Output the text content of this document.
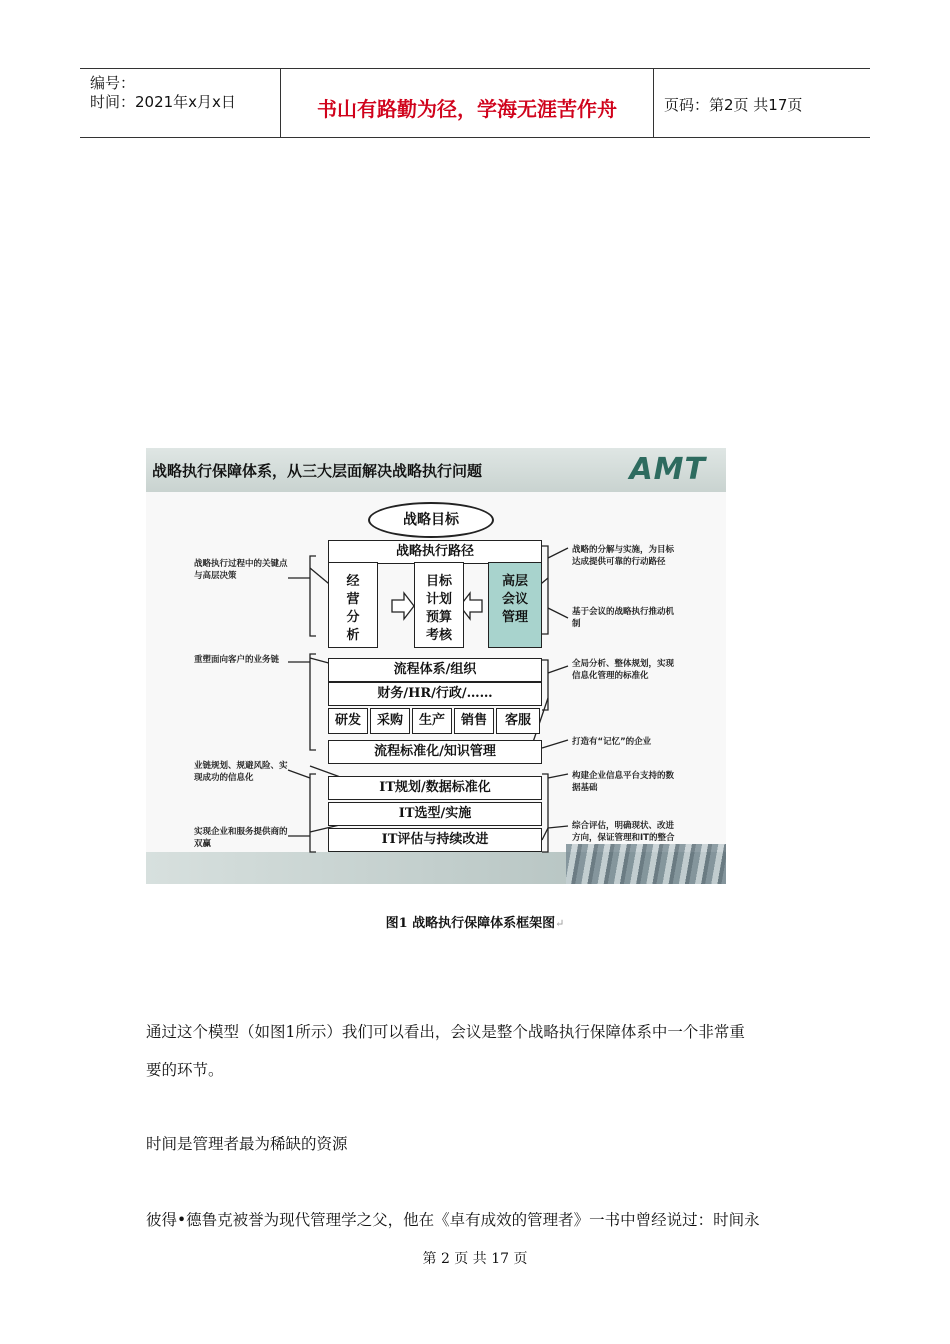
编号：
时间：2021年x月x日	书山有路勤为径，学海无涯苦作舟	页码：第2页 共17页
战略执行保障体系，从三大层面解决战略执行问题	AMT
战略目标
战略执行路径
经营分析
目标计划预算考核
高层会议管理
流程体系/组织
财务/HR/行政/……
研发	采购	生产	销售	客服
流程标准化/知识管理
IT规划/数据标准化
IT选型/实施
IT评估与持续改进
战略执行过程中的关键点与高层决策
重塑面向客户的业务链
业链规划、规避风险、实现成功的信息化
实现企业和服务提供商的双赢
战略的分解与实施，为目标达成提供可靠的行动路径
基于会议的战略执行推动机制
全局分析、整体规划，实现信息化管理的标准化
打造有“记忆”的企业
构建企业信息平台支持的数据基础
综合评估，明确现状、改进方向，保证管理和IT的整合
图1 战略执行保障体系框架图↵
通过这个模型（如图1所示）我们可以看出，会议是整个战略执行保障体系中一个非常重
要的环节。
时间是管理者最为稀缺的资源
彼得•德鲁克被誉为现代管理学之父，他在《卓有成效的管理者》一书中曾经说过：时间永
第 2 页 共 17 页
